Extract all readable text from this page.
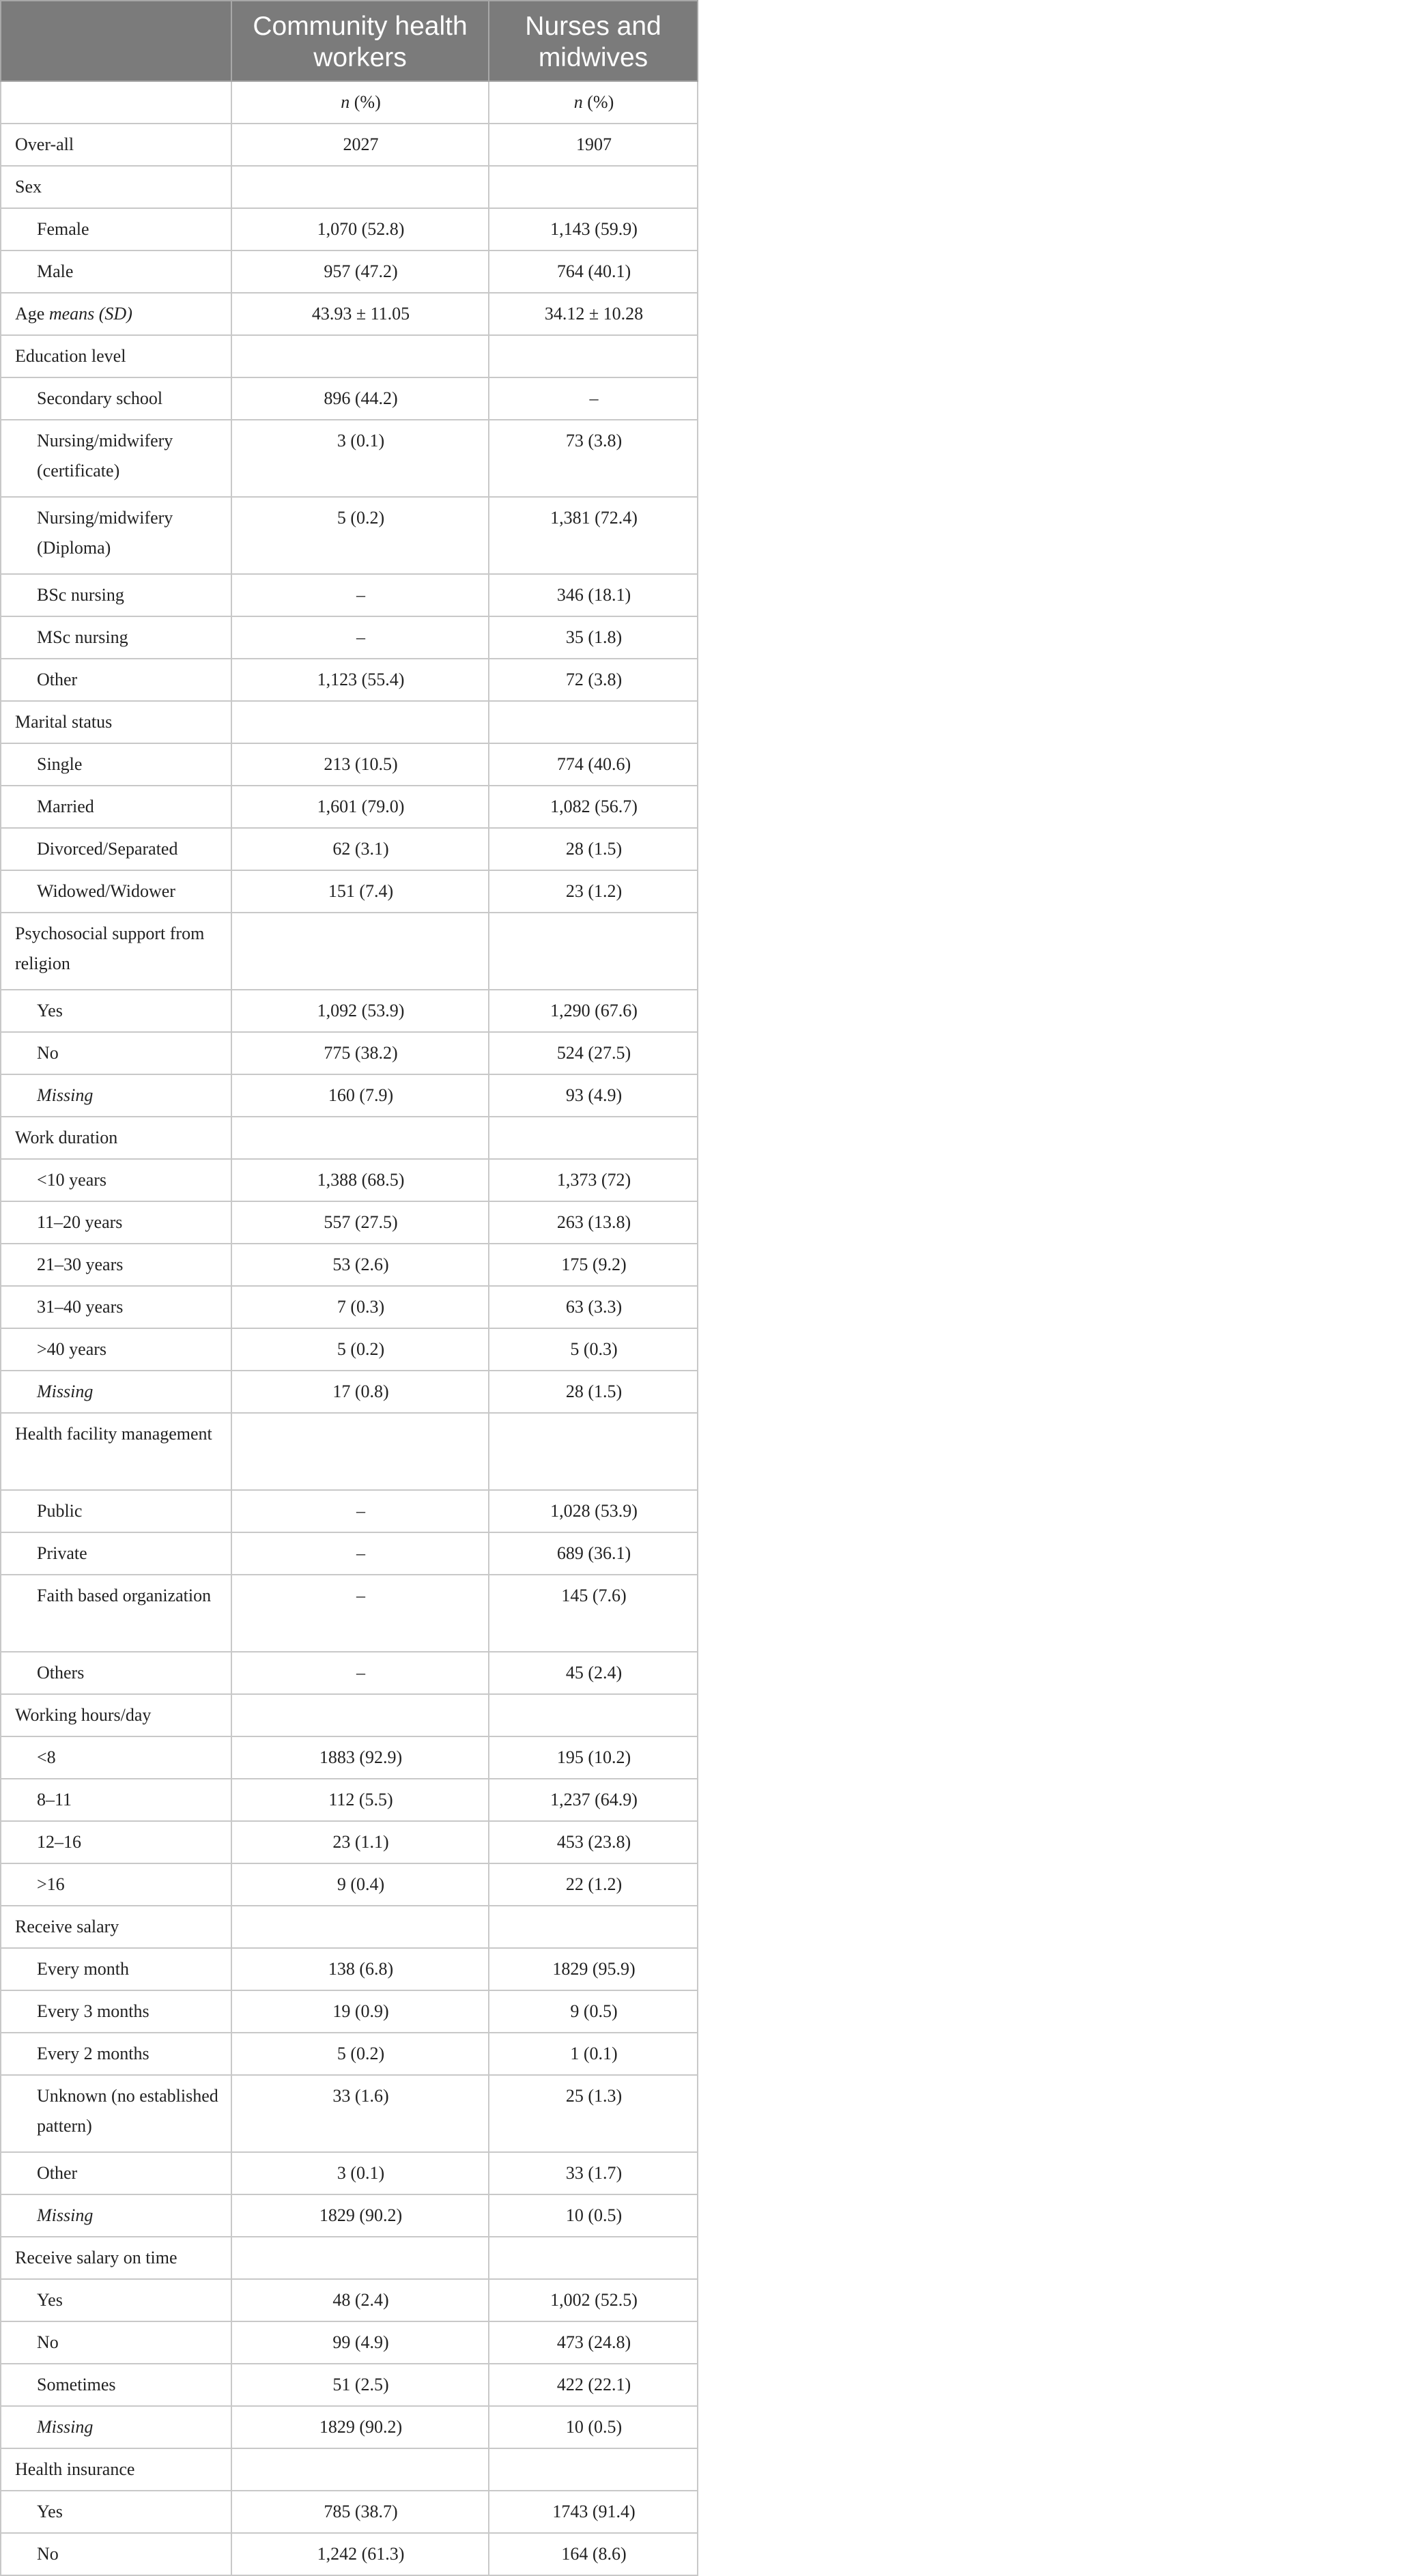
	Community health workers	Nurses and midwives
	n (%)	n (%)
Over-all	2027	1907
Sex		
Female	1,070 (52.8)	1,143 (59.9)
Male	957 (47.2)	764 (40.1)
Age means (SD)	43.93 ± 11.05	34.12 ± 10.28
Education level		
Secondary school	896 (44.2)	–
Nursing/midwifery (certificate)	3 (0.1)	73 (3.8)
Nursing/midwifery (Diploma)	5 (0.2)	1,381 (72.4)
BSc nursing	–	346 (18.1)
MSc nursing	–	35 (1.8)
Other	1,123 (55.4)	72 (3.8)
Marital status		
Single	213 (10.5)	774 (40.6)
Married	1,601 (79.0)	1,082 (56.7)
Divorced/Separated	62 (3.1)	28 (1.5)
Widowed/Widower	151 (7.4)	23 (1.2)
Psychosocial support from religion		
Yes	1,092 (53.9)	1,290 (67.6)
No	775 (38.2)	524 (27.5)
Missing	160 (7.9)	93 (4.9)
Work duration		
<10 years	1,388 (68.5)	1,373 (72)
11–20 years	557 (27.5)	263 (13.8)
21–30 years	53 (2.6)	175 (9.2)
31–40 years	7 (0.3)	63 (3.3)
>40 years	5 (0.2)	5 (0.3)
Missing	17 (0.8)	28 (1.5)
Health facility management		
Public	–	1,028 (53.9)
Private	–	689 (36.1)
Faith based organization	–	145 (7.6)
Others	–	45 (2.4)
Working hours/day		
<8	1883 (92.9)	195 (10.2)
8–11	112 (5.5)	1,237 (64.9)
12–16	23 (1.1)	453 (23.8)
>16	9 (0.4)	22 (1.2)
Receive salary		
Every month	138 (6.8)	1829 (95.9)
Every 3 months	19 (0.9)	9 (0.5)
Every 2 months	5 (0.2)	1 (0.1)
Unknown (no established pattern)	33 (1.6)	25 (1.3)
Other	3 (0.1)	33 (1.7)
Missing	1829 (90.2)	10 (0.5)
Receive salary on time		
Yes	48 (2.4)	1,002 (52.5)
No	99 (4.9)	473 (24.8)
Sometimes	51 (2.5)	422 (22.1)
Missing	1829 (90.2)	10 (0.5)
Health insurance		
Yes	785 (38.7)	1743 (91.4)
No	1,242 (61.3)	164 (8.6)
